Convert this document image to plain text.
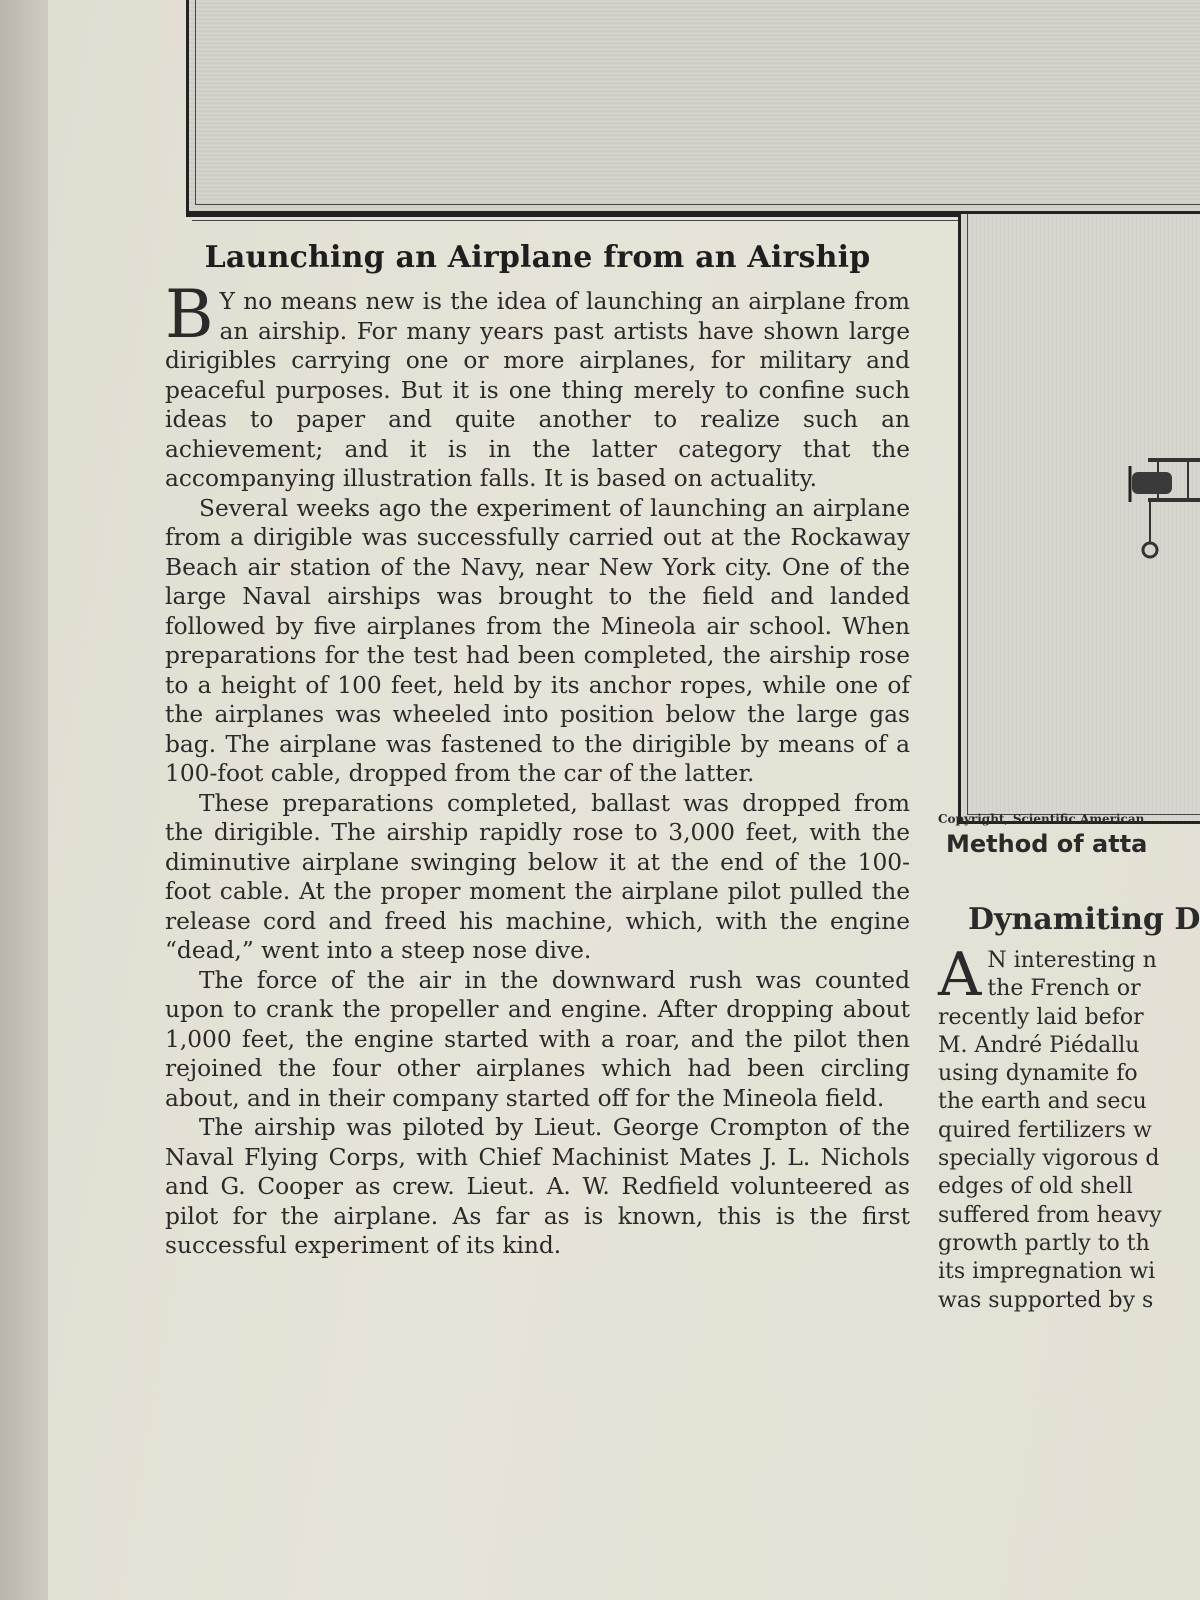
Launching an Airplane from an Airship

B Y no means new is the idea of launching an airplane from an airship. For many years past artists have shown large dirigibles carrying one or more airplanes, for military and peaceful purposes. But it is one thing merely to confine such ideas to paper and quite another to realize such an achievement; and it is in the latter category that the accompanying illustration falls. It is based on actuality.

Several weeks ago the experiment of launching an airplane from a dirigible was successfully carried out at the Rockaway Beach air station of the Navy, near New York city. One of the large Naval airships was brought to the field and landed followed by five airplanes from the Mineola air school. When preparations for the test had been completed, the airship rose to a height of 100 feet, held by its anchor ropes, while one of the airplanes was wheeled into position below the large gas bag. The airplane was fastened to the dirigible by means of a 100-foot cable, dropped from the car of the latter.

These preparations completed, ballast was dropped from the dirigible. The airship rapidly rose to 3,000 feet, with the diminutive airplane swinging below it at the end of the 100-foot cable. At the proper moment the airplane pilot pulled the release cord and freed his machine, which, with the engine “dead,” went into a steep nose dive.

The force of the air in the downward rush was counted upon to crank the propeller and engine. After dropping about 1,000 feet, the engine started with a roar, and the pilot then rejoined the four other airplanes which had been circling about, and in their company started off for the Mineola field.

The airship was piloted by Lieut. George Crompton of the Naval Flying Corps, with Chief Machinist Mates J. L. Nichols and G. Cooper as crew. Lieut. A. W. Redfield volunteered as pilot for the airplane. As far as is known, this is the first successful experiment of its kind.

Copyright, Scientific American

Method of atta

Dynamiting D

A N interesting n

the French or

recently laid befor

M. André Piédallu

using dynamite fo

the earth and secu

quired fertilizers w

specially vigorous d

edges of old shell

suffered from heavy

growth partly to th

its impregnation wi

was supported by s
